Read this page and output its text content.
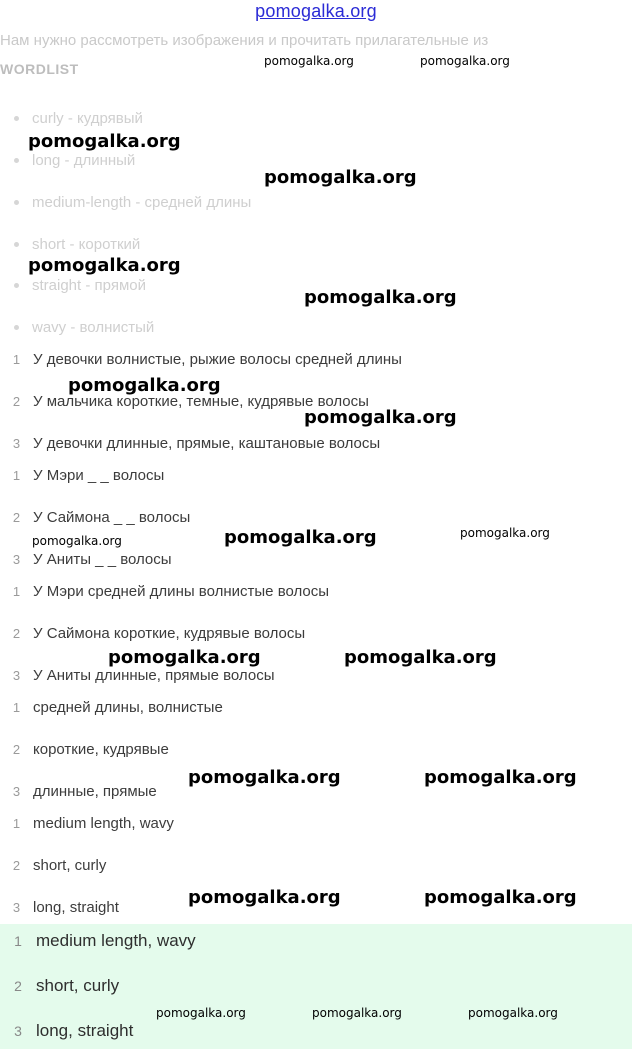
pomogalka.org
Нам нужно рассмотреть изображения и прочитать прилагательные из
WORDLIST
curly - кудрявый
long - длинный
medium-length - средней длины
short - короткий
straight - прямой
wavy - волнистый
1 У девочки волнистые, рыжие волосы средней длины
2 У мальчика короткие, темные, кудрявые волосы
3 У девочки длинные, прямые, каштановые волосы
1 У Мэри _ _ волосы
2 У Саймона _ _ волосы
3 У Аниты _ _ волосы
1 У Мэри средней длины волнистые волосы
2 У Саймона короткие, кудрявые волосы
3 У Аниты длинные, прямые волосы
1 средней длины, волнистые
2 короткие, кудрявые
3 длинные, прямые
1 medium length, wavy
2 short, curly
3 long, straight
1 medium length, wavy
2 short, curly
3 long, straight
pomogalka.org	pomogalka.org
pomogalka.org
pomogalka.org
pomogalka.org
pomogalka.org
pomogalka.org
pomogalka.org
pomogalka.org	pomogalka.org	pomogalka.org
pomogalka.org	pomogalka.org
pomogalka.org	pomogalka.org
pomogalka.org	pomogalka.org
pomogalka.org	pomogalka.org	pomogalka.org
